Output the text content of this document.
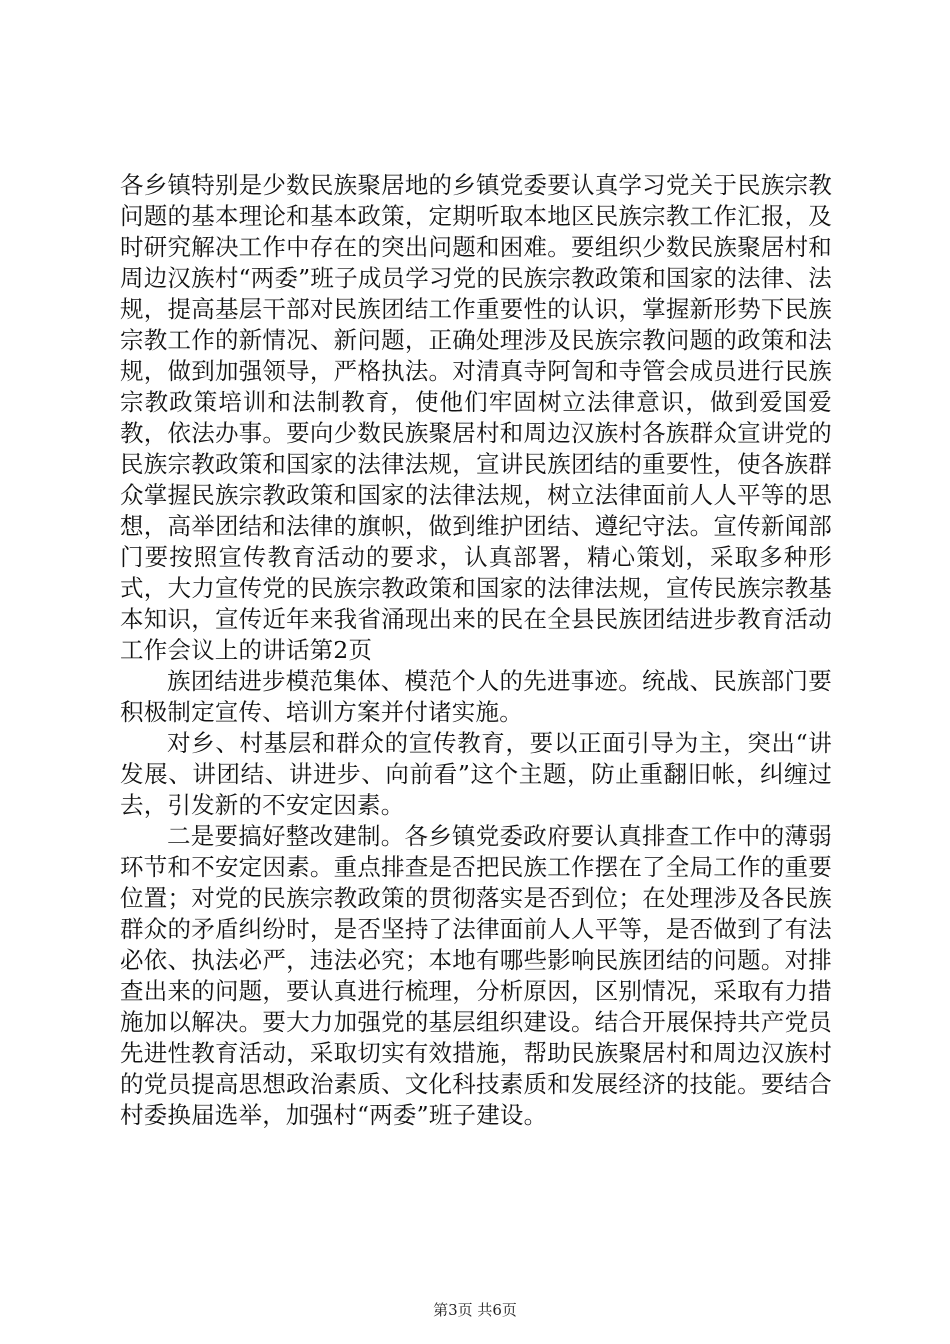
各乡镇特别是少数民族聚居地的乡镇党委要认真学习党关于民族宗教问题的基本理论和基本政策，定期听取本地区民族宗教工作汇报，及时研究解决工作中存在的突出问题和困难。要组织少数民族聚居村和周边汉族村“两委”班子成员学习党的民族宗教政策和国家的法律、法规，提高基层干部对民族团结工作重要性的认识，掌握新形势下民族宗教工作的新情况、新问题，正确处理涉及民族宗教问题的政策和法规，做到加强领导，严格执法。对清真寺阿訇和寺管会成员进行民族宗教政策培训和法制教育，使他们牢固树立法律意识，做到爱国爱教，依法办事。要向少数民族聚居村和周边汉族村各族群众宣讲党的民族宗教政策和国家的法律法规，宣讲民族团结的重要性，使各族群众掌握民族宗教政策和国家的法律法规，树立法律面前人人平等的思想，高举团结和法律的旗帜，做到维护团结、遵纪守法。宣传新闻部门要按照宣传教育活动的要求，认真部署，精心策划，采取多种形式，大力宣传党的民族宗教政策和国家的法律法规，宣传民族宗教基本知识，宣传近年来我省涌现出来的民在全县民族团结进步教育活动工作会议上的讲话第2页

族团结进步模范集体、模范个人的先进事迹。统战、民族部门要积极制定宣传、培训方案并付诸实施。

对乡、村基层和群众的宣传教育，要以正面引导为主，突出“讲发展、讲团结、讲进步、向前看”这个主题，防止重翻旧帐，纠缠过去，引发新的不安定因素。

二是要搞好整改建制。各乡镇党委政府要认真排查工作中的薄弱环节和不安定因素。重点排查是否把民族工作摆在了全局工作的重要位置；对党的民族宗教政策的贯彻落实是否到位；在处理涉及各民族群众的矛盾纠纷时，是否坚持了法律面前人人平等，是否做到了有法必依、执法必严，违法必究；本地有哪些影响民族团结的问题。对排查出来的问题，要认真进行梳理，分析原因，区别情况，采取有力措施加以解决。要大力加强党的基层组织建设。结合开展保持共产党员先进性教育活动，采取切实有效措施，帮助民族聚居村和周边汉族村的党员提高思想政治素质、文化科技素质和发展经济的技能。要结合村委换届选举，加强村“两委”班子建设。

第3页 共6页
